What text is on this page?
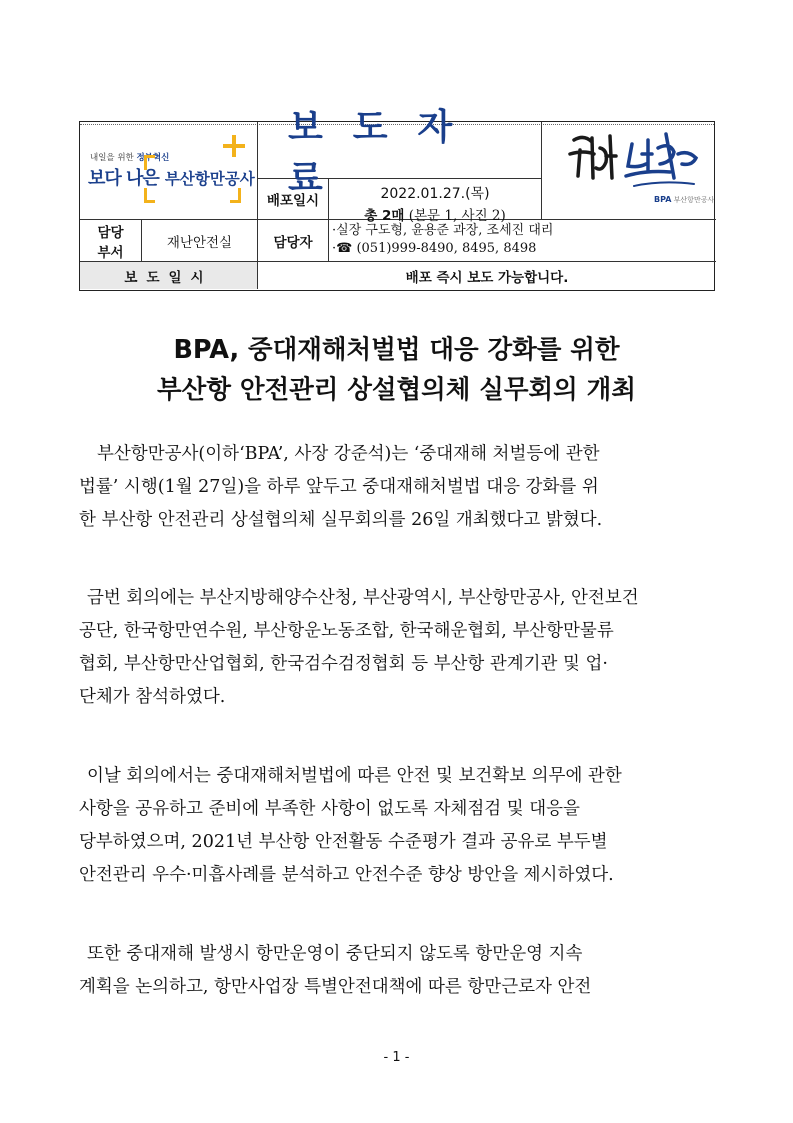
내일을 위한 정부혁신
보다 나은 부산항만공사
보도자료
배포일시	2022.01.27.(목)
총 2매 (본문 1, 사진 2)
BPA 부산항만공사
담당
부서
재난안전실	담당자
·실장 구도형, 윤용준 과장, 조세진 대리
·☎ (051)999-8490, 8495, 8498
보도일시	배포 즉시 보도 가능합니다.
BPA, 중대재해처벌법 대응 강화를 위한
부산항 안전관리 상설협의체 실무회의 개최
부산항만공사(이하‘BPA’, 사장 강준석)는 ‘중대재해 처벌등에 관한
법률’ 시행(1월 27일)을 하루 앞두고 중대재해처벌법 대응 강화를 위
한 부산항 안전관리 상설협의체 실무회의를 26일 개최했다고 밝혔다.
금번 회의에는 부산지방해양수산청, 부산광역시, 부산항만공사, 안전보건
공단, 한국항만연수원, 부산항운노동조합, 한국해운협회, 부산항만물류
협회, 부산항만산업협회, 한국검수검정협회 등 부산항 관계기관 및 업·
단체가 참석하였다.
이날 회의에서는 중대재해처벌법에 따른 안전 및 보건확보 의무에 관한
사항을 공유하고 준비에 부족한 사항이 없도록 자체점검 및 대응을
당부하였으며, 2021년 부산항 안전활동 수준평가 결과 공유로 부두별
안전관리 우수·미흡사례를 분석하고 안전수준 향상 방안을 제시하였다.
또한 중대재해 발생시 항만운영이 중단되지 않도록 항만운영 지속
계획을 논의하고, 항만사업장 특별안전대책에 따른 항만근로자 안전
- 1 -
